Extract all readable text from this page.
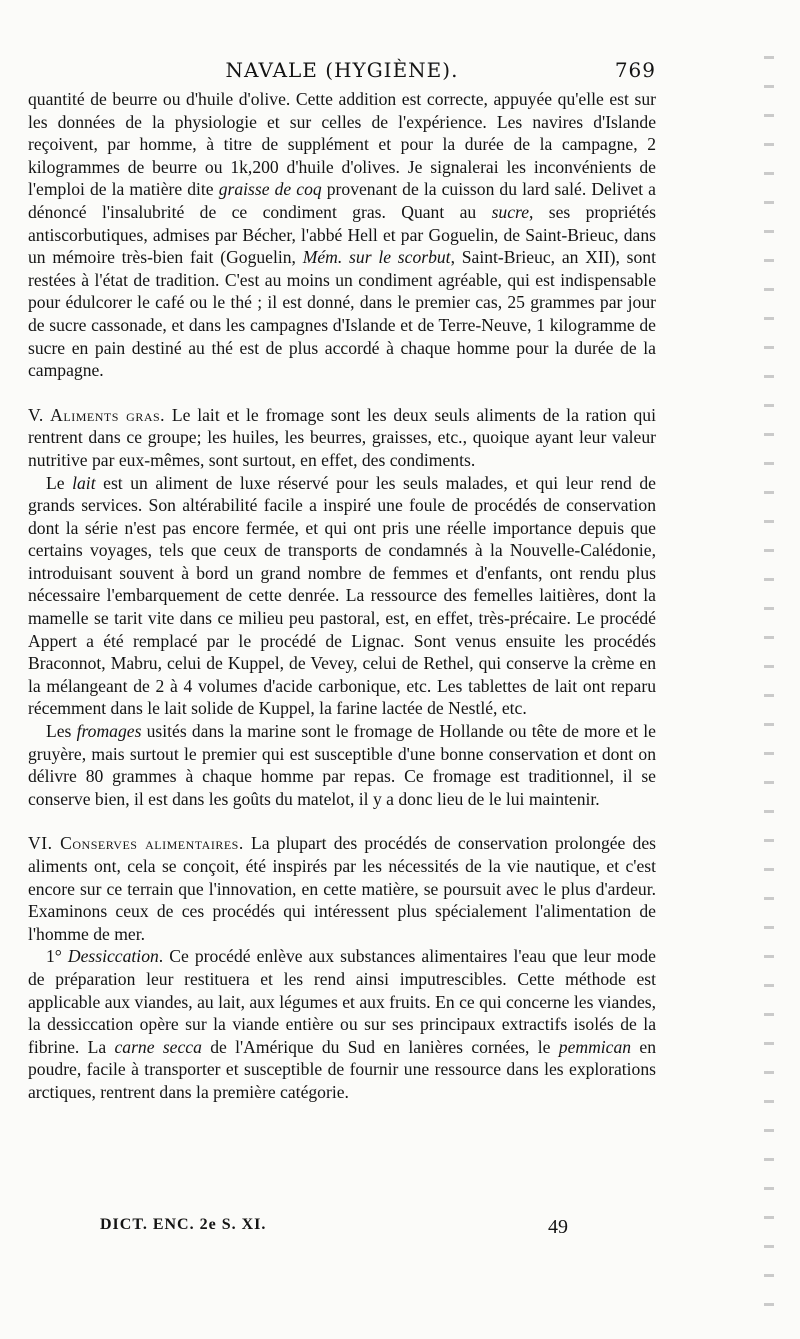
NAVALE (HYGIÈNE).	769

quantité de beurre ou d'huile d'olive. Cette addition est correcte, appuyée qu'elle est sur les données de la physiologie et sur celles de l'expérience. Les navires d'Islande reçoivent, par homme, à titre de supplément et pour la durée de la campagne, 2 kilogrammes de beurre ou 1k,200 d'huile d'olives. Je signalerai les inconvénients de l'emploi de la matière dite graisse de coq provenant de la cuisson du lard salé. Delivet a dénoncé l'insalubrité de ce condiment gras. Quant au sucre, ses propriétés antiscorbutiques, admises par Bécher, l'abbé Hell et par Goguelin, de Saint-Brieuc, dans un mémoire très-bien fait (Goguelin, Mém. sur le scorbut, Saint-Brieuc, an XII), sont restées à l'état de tradition. C'est au moins un condiment agréable, qui est indispensable pour édulcorer le café ou le thé ; il est donné, dans le premier cas, 25 grammes par jour de sucre cassonade, et dans les campagnes d'Islande et de Terre-Neuve, 1 kilogramme de sucre en pain destiné au thé est de plus accordé à chaque homme pour la durée de la campagne.

V. Aliments gras. Le lait et le fromage sont les deux seuls aliments de la ration qui rentrent dans ce groupe; les huiles, les beurres, graisses, etc., quoique ayant leur valeur nutritive par eux-mêmes, sont surtout, en effet, des condiments.

Le lait est un aliment de luxe réservé pour les seuls malades, et qui leur rend de grands services. Son altérabilité facile a inspiré une foule de procédés de conservation dont la série n'est pas encore fermée, et qui ont pris une réelle importance depuis que certains voyages, tels que ceux de transports de condamnés à la Nouvelle-Calédonie, introduisant souvent à bord un grand nombre de femmes et d'enfants, ont rendu plus nécessaire l'embarquement de cette denrée. La ressource des femelles laitières, dont la mamelle se tarit vite dans ce milieu peu pastoral, est, en effet, très-précaire. Le procédé Appert a été remplacé par le procédé de Lignac. Sont venus ensuite les procédés Braconnot, Mabru, celui de Kuppel, de Vevey, celui de Rethel, qui conserve la crème en la mélangeant de 2 à 4 volumes d'acide carbonique, etc. Les tablettes de lait ont reparu récemment dans le lait solide de Kuppel, la farine lactée de Nestlé, etc.

Les fromages usités dans la marine sont le fromage de Hollande ou tête de more et le gruyère, mais surtout le premier qui est susceptible d'une bonne conservation et dont on délivre 80 grammes à chaque homme par repas. Ce fromage est traditionnel, il se conserve bien, il est dans les goûts du matelot, il y a donc lieu de le lui maintenir.

VI. Conserves alimentaires. La plupart des procédés de conservation prolongée des aliments ont, cela se conçoit, été inspirés par les nécessités de la vie nautique, et c'est encore sur ce terrain que l'innovation, en cette matière, se poursuit avec le plus d'ardeur. Examinons ceux de ces procédés qui intéressent plus spécialement l'alimentation de l'homme de mer.

1° Dessiccation. Ce procédé enlève aux substances alimentaires l'eau que leur mode de préparation leur restituera et les rend ainsi imputrescibles. Cette méthode est applicable aux viandes, au lait, aux légumes et aux fruits. En ce qui concerne les viandes, la dessiccation opère sur la viande entière ou sur ses principaux extractifs isolés de la fibrine. La carne secca de l'Amérique du Sud en lanières cornées, le pemmican en poudre, facile à transporter et susceptible de fournir une ressource dans les explorations arctiques, rentrent dans la première catégorie.

DICT. ENC. 2e S. XI.	49
